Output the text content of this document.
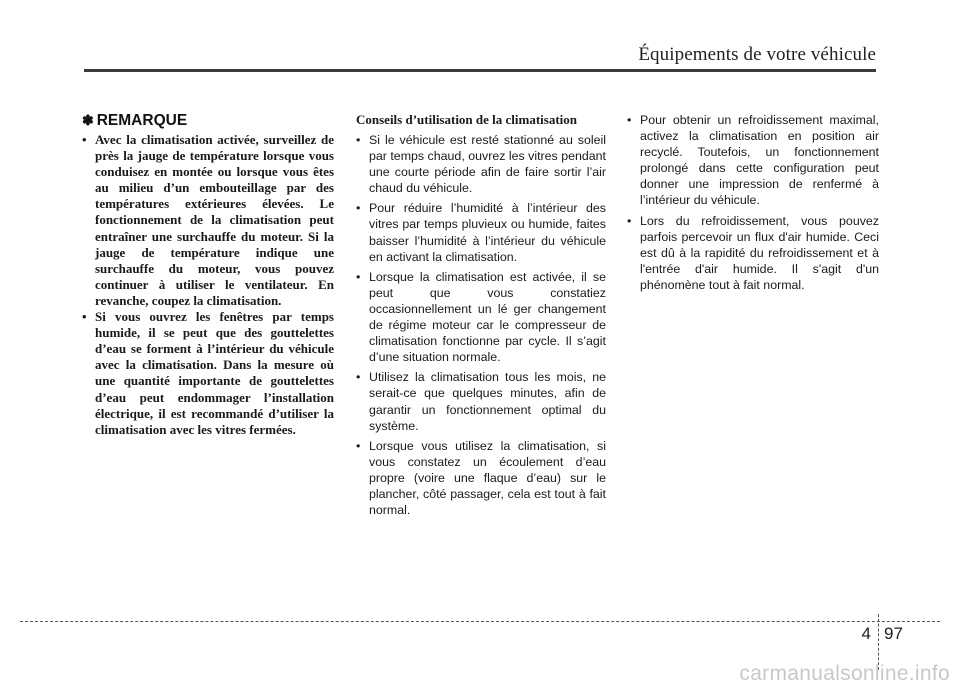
Équipements de votre véhicule
✽ REMARQUE
• Avec la climatisation activée, surveillez de près la jauge de température lorsque vous conduisez en montée ou lorsque vous êtes au milieu d’un embouteillage par des températures extérieures élevées. Le fonctionnement de la climatisation peut entraîner une surchauffe du moteur. Si la jauge de température indique une surchauffe du moteur, vous pouvez continuer à utiliser le ventilateur. En revanche, coupez la climatisation.
• Si vous ouvrez les fenêtres par temps humide, il se peut que des gouttelettes d’eau se forment à l’intérieur du véhicule avec la climatisation. Dans la mesure où une quantité importante de gouttelettes d’eau peut endommager l’installation électrique, il est recommandé d’utiliser la climatisation avec les vitres fermées.
Conseils d’utilisation de la climatisation
• Si le véhicule est resté stationné au soleil par temps chaud, ouvrez les vitres pendant une courte période afin de faire sortir l’air chaud du véhicule.
• Pour réduire l’humidité à l’intérieur des vitres par temps pluvieux ou humide, faites baisser l’humidité à l’intérieur du véhicule en activant la climatisation.
• Lorsque la climatisation est activée, il se peut que vous constatiez occasionnellement un lé ger changement de régime moteur car le compresseur de climatisation fonctionne par cycle. Il s’agit d’une situation normale.
• Utilisez la climatisation tous les mois, ne serait-ce que quelques minutes, afin de garantir un fonctionnement optimal du système.
• Lorsque vous utilisez la climatisation, si vous constatez un écoulement d’eau propre (voire une flaque d’eau) sur le plancher, côté passager, cela est tout à fait normal.
• Pour obtenir un refroidissement maximal, activez la climatisation en position air recyclé. Toutefois, un fonctionnement prolongé dans cette configuration peut donner une impression de renfermé à l’intérieur du véhicule.
• Lors du refroidissement, vous pouvez parfois percevoir un flux d'air humide. Ceci est dû à la rapidité du refroidissement et à l'entrée d'air humide. Il s'agit d'un phénomène tout à fait normal.
4 97
carmanualsonline.info
